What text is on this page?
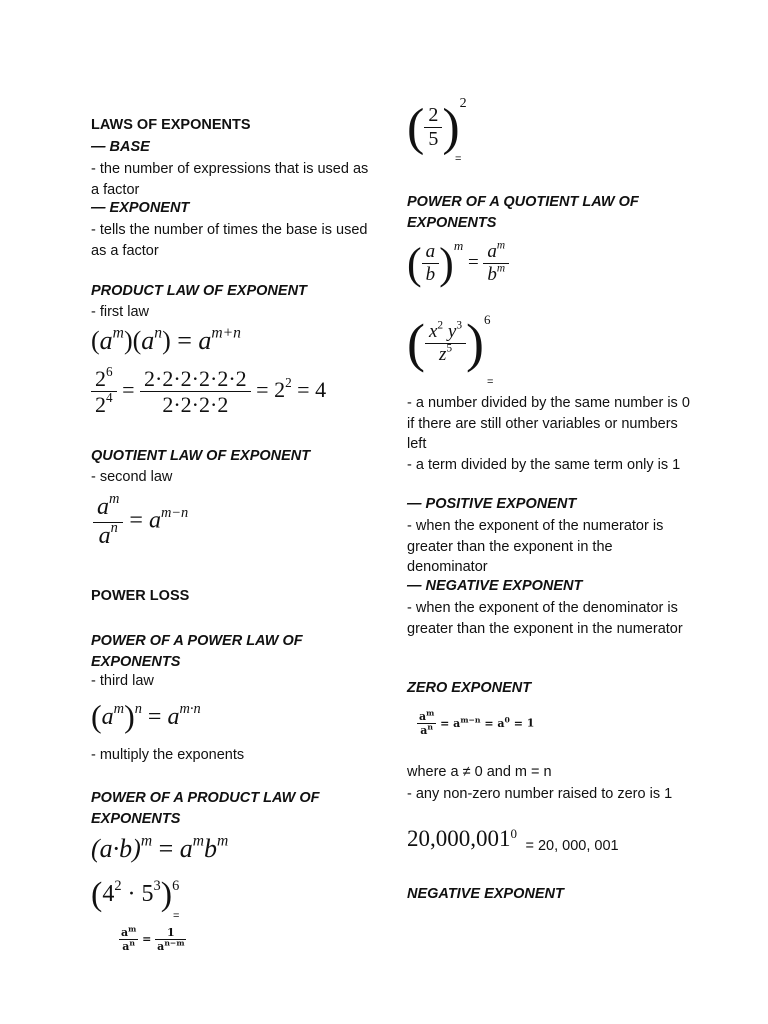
LAWS OF EXPONENTS
— BASE
- the number of expressions that is used as a factor
— EXPONENT
- tells the number of times the base is used as a factor
PRODUCT LAW OF EXPONENT
- first law
$(a^m)(a^n) = a^{m+n}$
$\frac{2^6}{2^4} = \frac{2\cdot 2\cdot 2\cdot 2\cdot 2\cdot 2}{2\cdot 2\cdot 2\cdot 2} = 2^2 = 4$
QUOTIENT LAW OF EXPONENT
- second law
$\frac{a^m}{a^n} = a^{m-n}$
POWER LOSS
POWER OF A POWER LAW OF EXPONENTS
- third law
$(a^m)^n = a^{m\cdot n}$
- multiply the exponents
POWER OF A PRODUCT LAW OF EXPONENTS
$(a\cdot b)^m = a^mb^m$
$(4^2 \cdot 5^3)^6$
=
$\frac{a^m}{a^n} = \frac{1}{a^{n-m}}$
( $\frac{2}{5} )^2$
=
POWER OF A QUOTIENT LAW OF EXPONENTS
( $\frac{a}{b} )^m = \frac{a^m}{b^m}$
( $\frac{x^2 y^3}{z^5} )^6$
=
- a number divided by the same number is 0 if there are still other variables or numbers left
- a term divided by the same term only is 1
— POSITIVE EXPONENT
- when the exponent of the numerator is greater than the exponent in the denominator
— NEGATIVE EXPONENT
- when the exponent of the denominator is greater than the exponent in the numerator
ZERO EXPONENT
$\frac{a^m}{a^n} = a^{m-n} = a^0 = 1$
where a ≠ 0 and m = n
- any non-zero number raised to zero is 1
$20,000,001^0 = 20$, 000, 001
NEGATIVE EXPONENT
